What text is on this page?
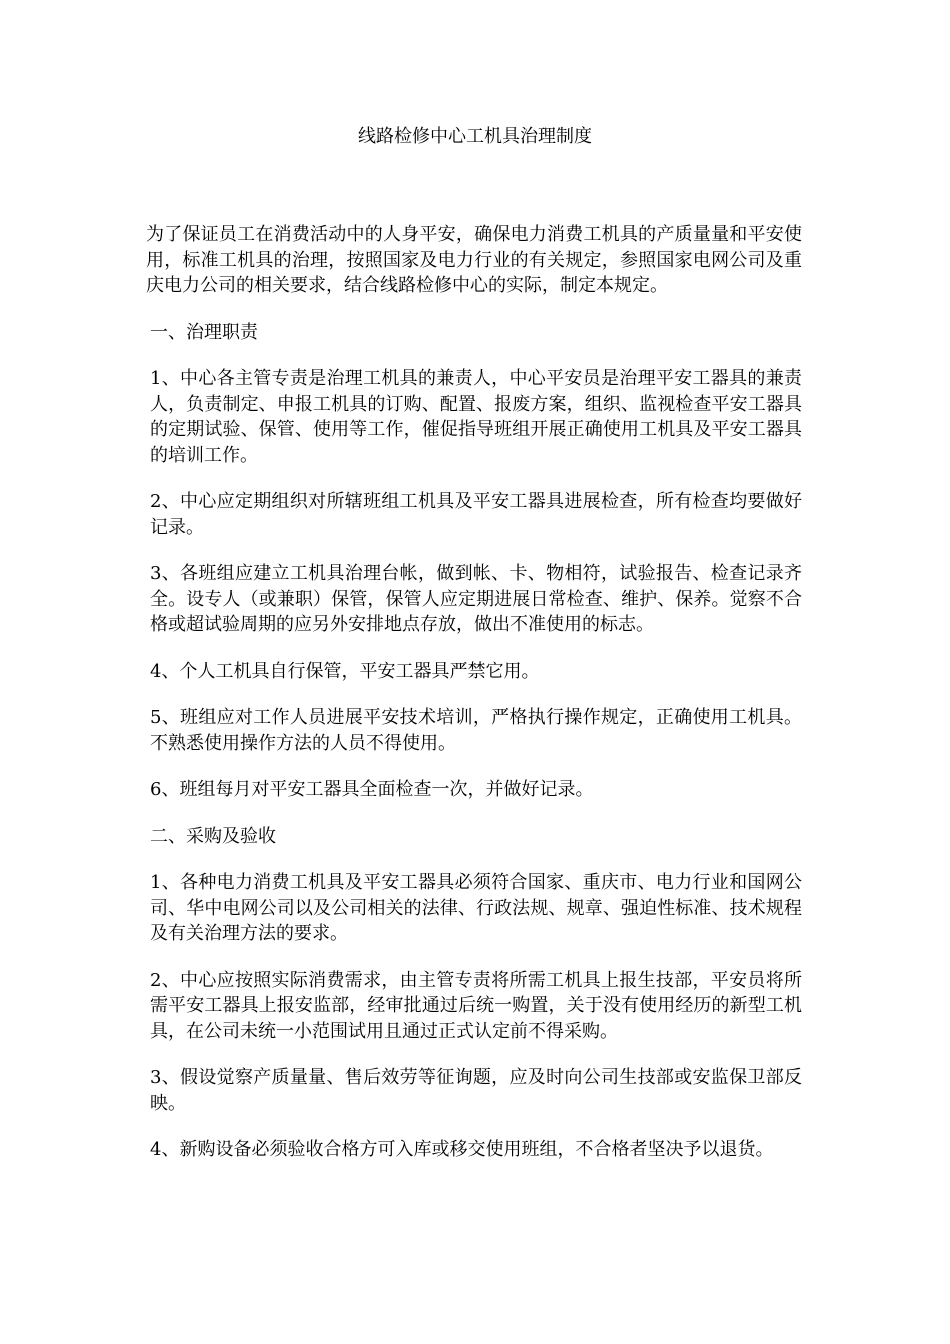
线路检修中心工机具治理制度

为了保证员工在消费活动中的人身平安，确保电力消费工机具的产质量量和平安使用，标准工机具的治理，按照国家及电力行业的有关规定，参照国家电网公司及重庆电力公司的相关要求，结合线路检修中心的实际，制定本规定。

一、治理职责

1、中心各主管专责是治理工机具的兼责人，中心平安员是治理平安工器具的兼责人，负责制定、申报工机具的订购、配置、报废方案，组织、监视检查平安工器具的定期试验、保管、使用等工作，催促指导班组开展正确使用工机具及平安工器具的培训工作。

2、中心应定期组织对所辖班组工机具及平安工器具进展检查，所有检查均要做好记录。

3、各班组应建立工机具治理台帐，做到帐、卡、物相符，试验报告、检查记录齐全。设专人（或兼职）保管，保管人应定期进展日常检查、维护、保养。觉察不合格或超试验周期的应另外安排地点存放，做出不准使用的标志。

4、个人工机具自行保管，平安工器具严禁它用。

5、班组应对工作人员进展平安技术培训，严格执行操作规定，正确使用工机具。不熟悉使用操作方法的人员不得使用。

6、班组每月对平安工器具全面检查一次，并做好记录。

二、采购及验收

1、各种电力消费工机具及平安工器具必须符合国家、重庆市、电力行业和国网公司、华中电网公司以及公司相关的法律、行政法规、规章、强迫性标准、技术规程及有关治理方法的要求。

2、中心应按照实际消费需求，由主管专责将所需工机具上报生技部，平安员将所需平安工器具上报安监部，经审批通过后统一购置，关于没有使用经历的新型工机具，在公司未统一小范围试用且通过正式认定前不得采购。

3、假设觉察产质量量、售后效劳等征询题，应及时向公司生技部或安监保卫部反映。

4、新购设备必须验收合格方可入库或移交使用班组，不合格者坚决予以退货。
